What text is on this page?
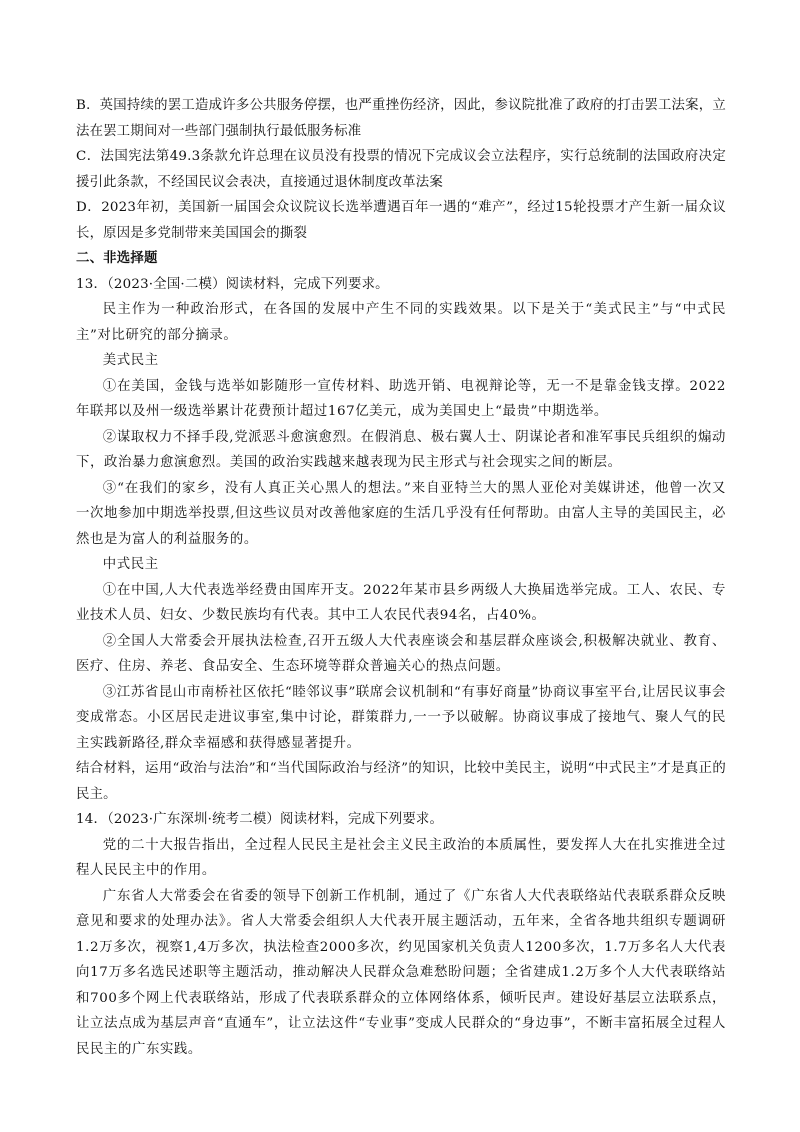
B．英国持续的罢工造成许多公共服务停摆，也严重挫伤经济，因此，参议院批准了政府的打击罢工法案，立法在罢工期间对一些部门强制执行最低服务标准

C．法国宪法第49.3条款允许总理在议员没有投票的情况下完成议会立法程序，实行总统制的法国政府决定援引此条款，不经国民议会表决，直接通过退休制度改革法案

D．2023年初，美国新一届国会众议院议长选举遭遇百年一遇的“难产”，经过15轮投票才产生新一届众议长，原因是多党制带来美国国会的撕裂

二、非选择题

13．（2023·全国·二模）阅读材料，完成下列要求。

民主作为一种政治形式，在各国的发展中产生不同的实践效果。以下是关于“美式民主”与“中式民主”对比研究的部分摘录。

美式民主

①在美国，金钱与选举如影随形一宣传材料、助选开销、电视辩论等，无一不是靠金钱支撑。2022年联邦以及州一级选举累计花费预计超过167亿美元，成为美国史上“最贵”中期选举。

②谋取权力不择手段,党派恶斗愈演愈烈。在假消息、极右翼人士、阴谋论者和准军事民兵组织的煽动下，政治暴力愈演愈烈。美国的政治实践越来越表现为民主形式与社会现实之间的断层。

③“在我们的家乡，没有人真正关心黑人的想法。”来自亚特兰大的黑人亚伦对美媒讲述，他曾一次又一次地参加中期选举投票,但这些议员对改善他家庭的生活几乎没有任何帮助。由富人主导的美国民主，必然也是为富人的利益服务的。

中式民主

①在中国,人大代表选举经费由国库开支。2022年某市县乡两级人大换届选举完成。工人、农民、专业技术人员、妇女、少数民族均有代表。其中工人农民代表94名，占40%。

②全国人大常委会开展执法检查,召开五级人大代表座谈会和基层群众座谈会,积极解决就业、教育、医疗、住房、养老、食品安全、生态环境等群众普遍关心的热点问题。

③江苏省昆山市南桥社区依托“睦邻议事”联席会议机制和“有事好商量”协商议事室平台,让居民议事会变成常态。小区居民走进议事室,集中讨论，群策群力,一一予以破解。协商议事成了接地气、聚人气的民主实践新路径,群众幸福感和获得感显著提升。

结合材料，运用“政治与法治”和“当代国际政治与经济”的知识，比较中美民主，说明“中式民主”才是真正的民主。

14．（2023·广东深圳·统考二模）阅读材料，完成下列要求。

党的二十大报告指出，全过程人民民主是社会主义民主政治的本质属性，要发挥人大在扎实推进全过程人民民主中的作用。

广东省人大常委会在省委的领导下创新工作机制，通过了《广东省人大代表联络站代表联系群众反映意见和要求的处理办法》。省人大常委会组织人大代表开展主题活动，五年来，全省各地共组织专题调研1.2万多次，视察1,4万多次，执法检查2000多次，约见国家机关负责人1200多次，1.7万多名人大代表向17万多名选民述职等主题活动，推动解决人民群众急难愁盼问题；全省建成1.2万多个人大代表联络站和700多个网上代表联络站，形成了代表联系群众的立体网络体系，倾听民声。建设好基层立法联系点，让立法点成为基层声音“直通车”，让立法这件“专业事”变成人民群众的“身边事”，不断丰富拓展全过程人民民主的广东实践。
